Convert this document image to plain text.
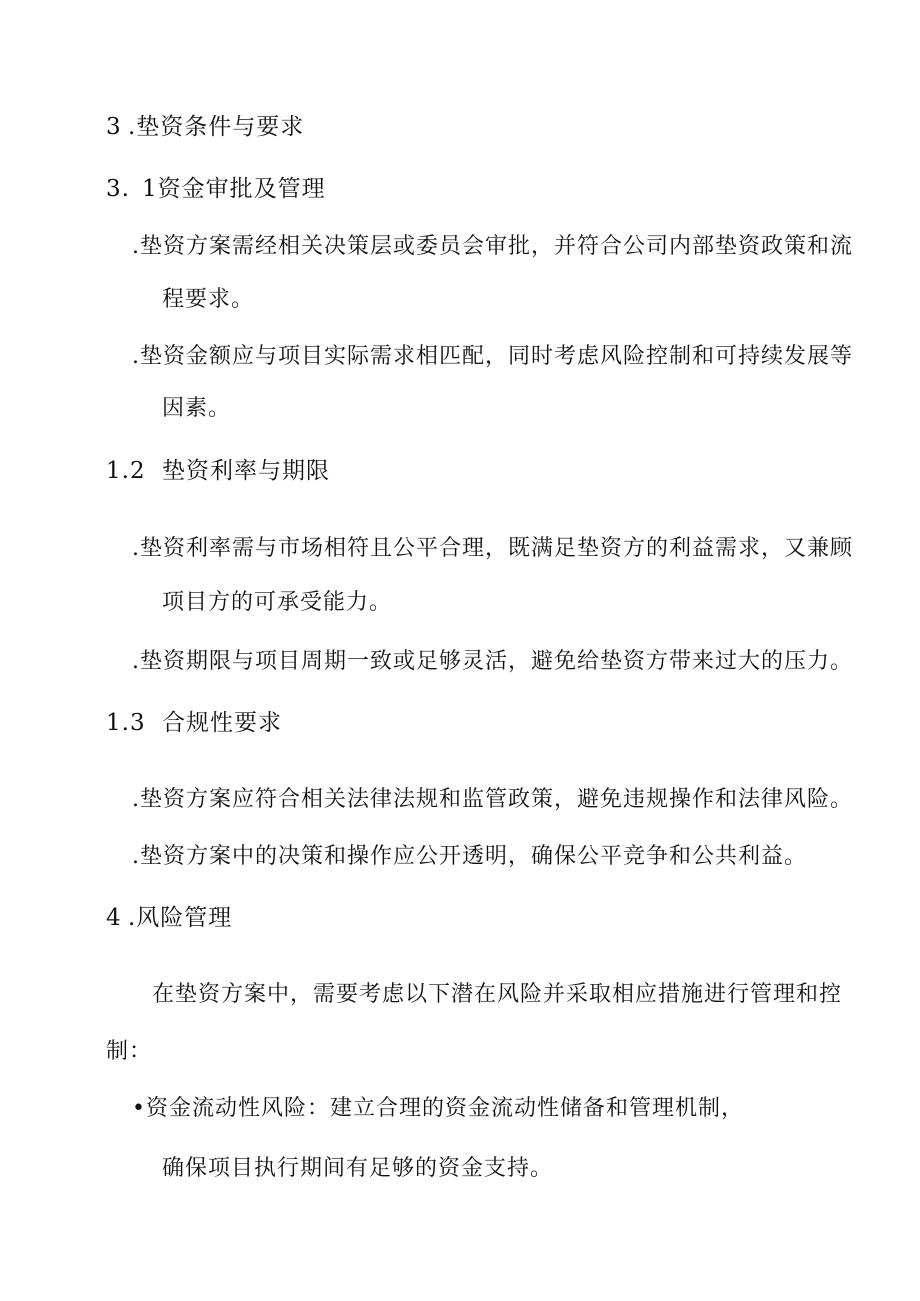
3 .垫资条件与要求
3. 1资金审批及管理
.垫资方案需经相关决策层或委员会审批，并符合公司内部垫资政策和流
程要求。
.垫资金额应与项目实际需求相匹配，同时考虑风险控制和可持续发展等
因素。
1.2 垫资利率与期限
.垫资利率需与市场相符且公平合理，既满足垫资方的利益需求，又兼顾
项目方的可承受能力。
.垫资期限与项目周期一致或足够灵活，避免给垫资方带来过大的压力。
1.3 合规性要求
.垫资方案应符合相关法律法规和监管政策，避免违规操作和法律风险。
.垫资方案中的决策和操作应公开透明，确保公平竞争和公共利益。
4 .风险管理
在垫资方案中，需要考虑以下潜在风险并采取相应措施进行管理和控
制：
•资金流动性风险：建立合理的资金流动性储备和管理机制，
确保项目执行期间有足够的资金支持。
